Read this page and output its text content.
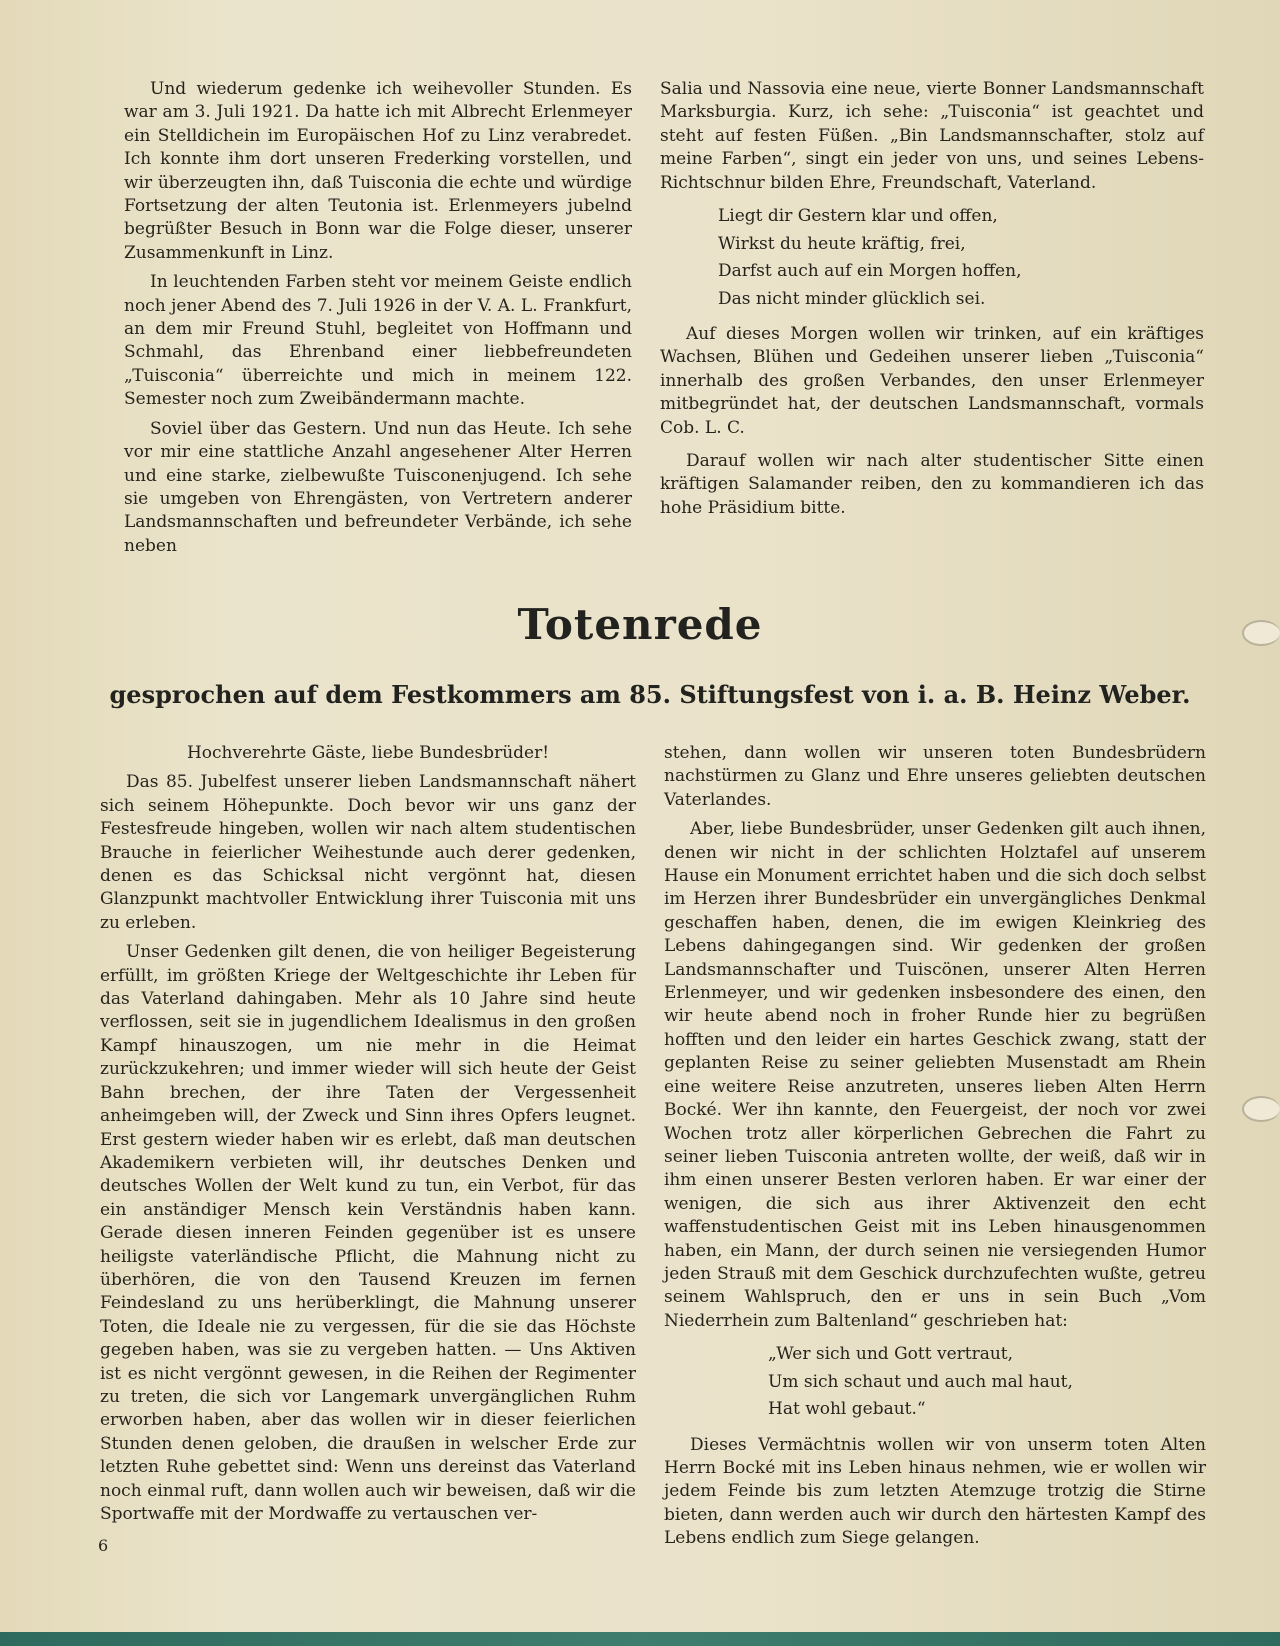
Und wiederum gedenke ich weihevoller Stunden. Es war am 3. Juli 1921. Da hatte ich mit Albrecht Erlenmeyer ein Stelldichein im Europäischen Hof zu Linz verabredet. Ich konnte ihm dort unseren Frederking vorstellen, und wir überzeugten ihn, daß Tuisconia die echte und würdige Fortsetzung der alten Teutonia ist. Erlenmeyers jubelnd begrüßter Besuch in Bonn war die Folge dieser, unserer Zusammenkunft in Linz.

In leuchtenden Farben steht vor meinem Geiste endlich noch jener Abend des 7. Juli 1926 in der V. A. L. Frankfurt, an dem mir Freund Stuhl, begleitet von Hoffmann und Schmahl, das Ehrenband einer liebbefreundeten „Tuisconia“ überreichte und mich in meinem 122. Semester noch zum Zweibändermann machte.

Soviel über das Gestern. Und nun das Heute. Ich sehe vor mir eine stattliche Anzahl angesehener Alter Herren und eine starke, zielbewußte Tuisconenjugend. Ich sehe sie umgeben von Ehrengästen, von Vertretern anderer Landsmannschaften und befreundeter Verbände, ich sehe neben

Salia und Nassovia eine neue, vierte Bonner Landsmannschaft Marksburgia. Kurz, ich sehe: „Tuisconia“ ist geachtet und steht auf festen Füßen. „Bin Landsmannschafter, stolz auf meine Farben“, singt ein jeder von uns, und seines Lebens-Richtschnur bilden Ehre, Freundschaft, Vaterland.

Liegt dir Gestern klar und offen,
Wirkst du heute kräftig, frei,
Darfst auch auf ein Morgen hoffen,
Das nicht minder glücklich sei.

Auf dieses Morgen wollen wir trinken, auf ein kräftiges Wachsen, Blühen und Gedeihen unserer lieben „Tuisconia“ innerhalb des großen Verbandes, den unser Erlenmeyer mitbegründet hat, der deutschen Landsmannschaft, vormals Cob. L. C.

Darauf wollen wir nach alter studentischer Sitte einen kräftigen Salamander reiben, den zu kommandieren ich das hohe Präsidium bitte.

Totenrede
gesprochen auf dem Festkommers am 85. Stiftungsfest von i. a. B. Heinz Weber.

Hochverehrte Gäste, liebe Bundesbrüder!

Das 85. Jubelfest unserer lieben Landsmannschaft nähert sich seinem Höhepunkte. Doch bevor wir uns ganz der Festesfreude hingeben, wollen wir nach altem studentischen Brauche in feierlicher Weihestunde auch derer gedenken, denen es das Schicksal nicht vergönnt hat, diesen Glanzpunkt machtvoller Entwicklung ihrer Tuisconia mit uns zu erleben.

Unser Gedenken gilt denen, die von heiliger Begeisterung erfüllt, im größten Kriege der Weltgeschichte ihr Leben für das Vaterland dahingaben. Mehr als 10 Jahre sind heute verflossen, seit sie in jugendlichem Idealismus in den großen Kampf hinauszogen, um nie mehr in die Heimat zurückzukehren; und immer wieder will sich heute der Geist Bahn brechen, der ihre Taten der Vergessenheit anheimgeben will, der Zweck und Sinn ihres Opfers leugnet. Erst gestern wieder haben wir es erlebt, daß man deutschen Akademikern verbieten will, ihr deutsches Denken und deutsches Wollen der Welt kund zu tun, ein Verbot, für das ein anständiger Mensch kein Verständnis haben kann. Gerade diesen inneren Feinden gegenüber ist es unsere heiligste vaterländische Pflicht, die Mahnung nicht zu überhören, die von den Tausend Kreuzen im fernen Feindesland zu uns herüberklingt, die Mahnung unserer Toten, die Ideale nie zu vergessen, für die sie das Höchste gegeben haben, was sie zu vergeben hatten. — Uns Aktiven ist es nicht vergönnt gewesen, in die Reihen der Regimenter zu treten, die sich vor Langemark unvergänglichen Ruhm erworben haben, aber das wollen wir in dieser feierlichen Stunden denen geloben, die draußen in welscher Erde zur letzten Ruhe gebettet sind: Wenn uns dereinst das Vaterland noch einmal ruft, dann wollen auch wir beweisen, daß wir die Sportwaffe mit der Mordwaffe zu vertauschen ver-

stehen, dann wollen wir unseren toten Bundesbrüdern nachstürmen zu Glanz und Ehre unseres geliebten deutschen Vaterlandes.

Aber, liebe Bundesbrüder, unser Gedenken gilt auch ihnen, denen wir nicht in der schlichten Holztafel auf unserem Hause ein Monument errichtet haben und die sich doch selbst im Herzen ihrer Bundesbrüder ein unvergängliches Denkmal geschaffen haben, denen, die im ewigen Kleinkrieg des Lebens dahingegangen sind. Wir gedenken der großen Landsmannschafter und Tuiscönen, unserer Alten Herren Erlenmeyer, und wir gedenken insbesondere des einen, den wir heute abend noch in froher Runde hier zu begrüßen hofften und den leider ein hartes Geschick zwang, statt der geplanten Reise zu seiner geliebten Musenstadt am Rhein eine weitere Reise anzutreten, unseres lieben Alten Herrn Bocké. Wer ihn kannte, den Feuergeist, der noch vor zwei Wochen trotz aller körperlichen Gebrechen die Fahrt zu seiner lieben Tuisconia antreten wollte, der weiß, daß wir in ihm einen unserer Besten verloren haben. Er war einer der wenigen, die sich aus ihrer Aktivenzeit den echt waffenstudentischen Geist mit ins Leben hinausgenommen haben, ein Mann, der durch seinen nie versiegenden Humor jeden Strauß mit dem Geschick durchzufechten wußte, getreu seinem Wahlspruch, den er uns in sein Buch „Vom Niederrhein zum Baltenland“ geschrieben hat:

„Wer sich und Gott vertraut,
Um sich schaut und auch mal haut,
Hat wohl gebaut.“

Dieses Vermächtnis wollen wir von unserm toten Alten Herrn Bocké mit ins Leben hinaus nehmen, wie er wollen wir jedem Feinde bis zum letzten Atemzuge trotzig die Stirne bieten, dann werden auch wir durch den härtesten Kampf des Lebens endlich zum Siege gelangen.

6
